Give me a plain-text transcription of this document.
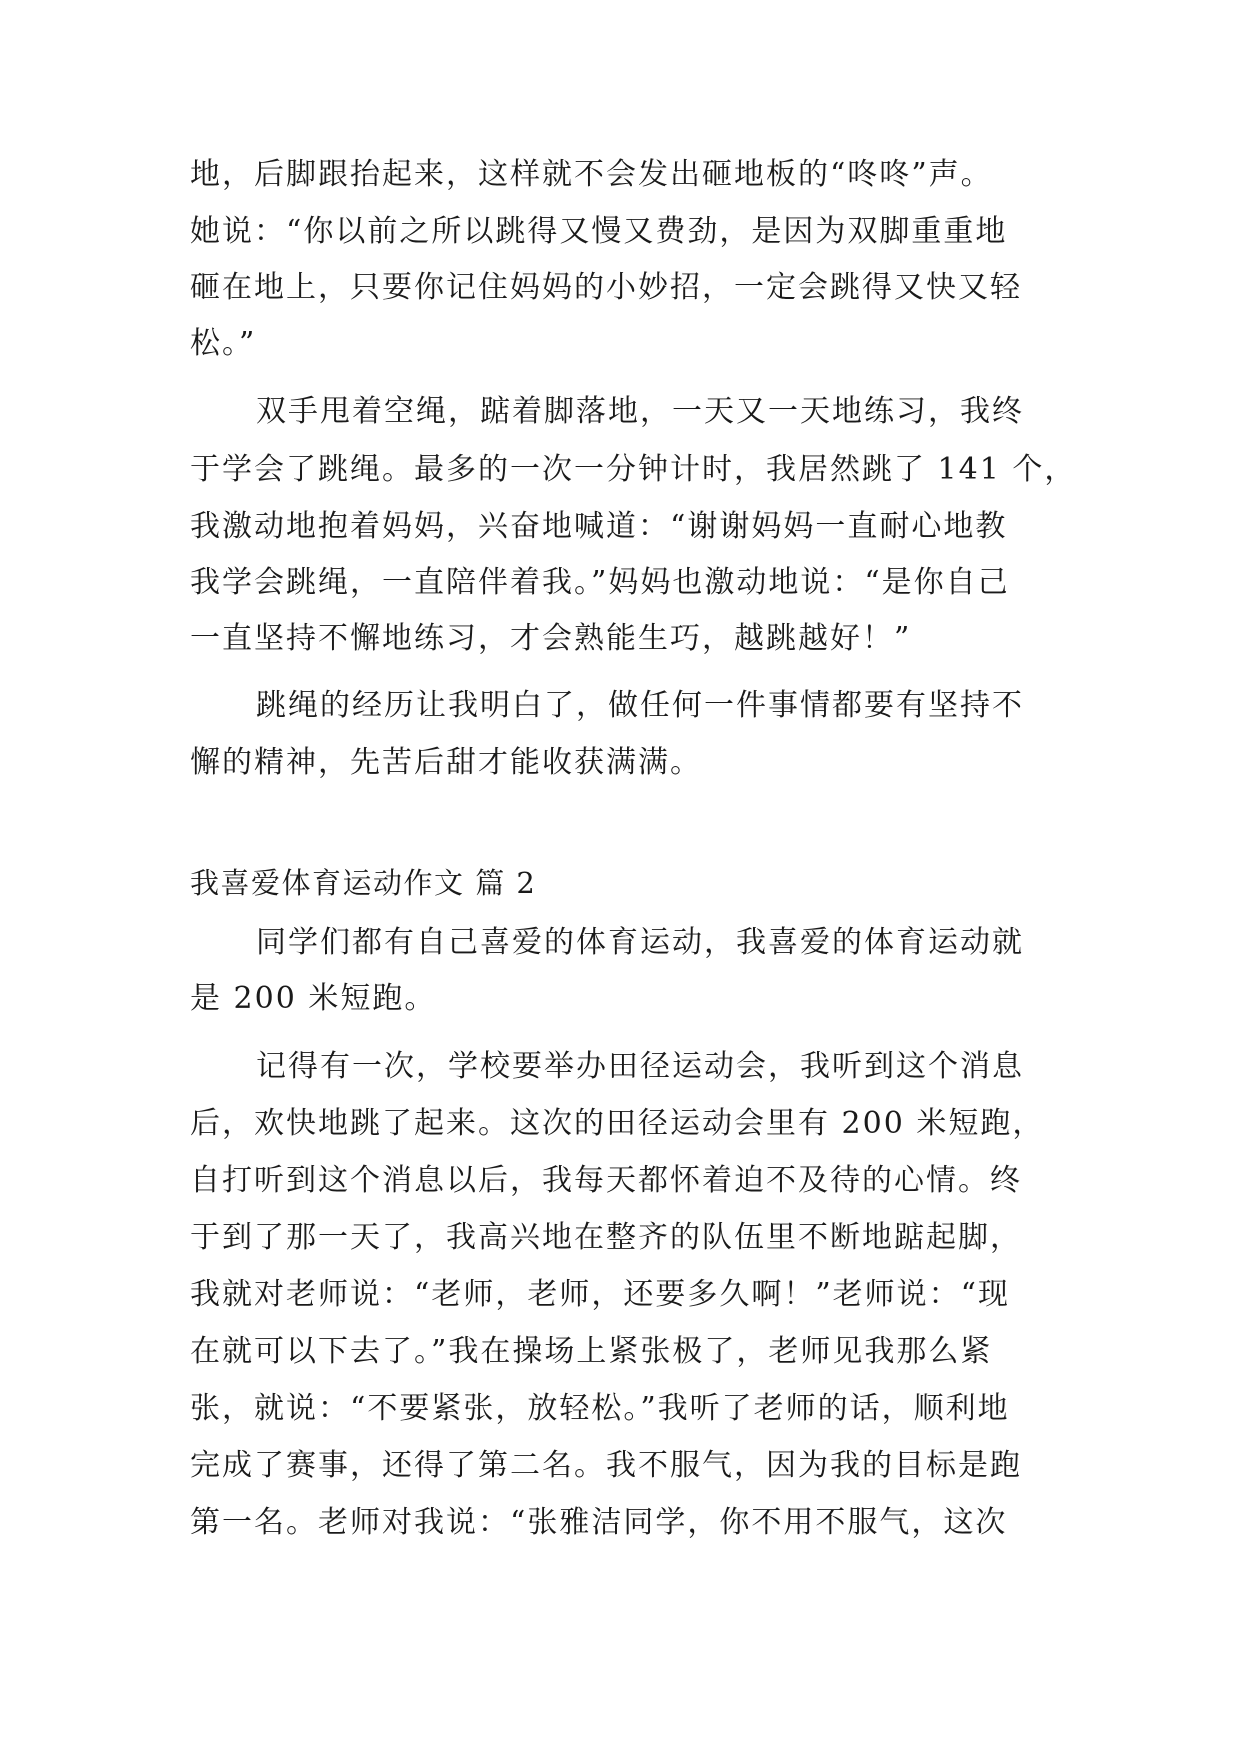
地，后脚跟抬起来，这样就不会发出砸地板的“咚咚”声。
她说：“你以前之所以跳得又慢又费劲，是因为双脚重重地
砸在地上，只要你记住妈妈的小妙招，一定会跳得又快又轻
松。”
双手甩着空绳，踮着脚落地，一天又一天地练习，我终
于学会了跳绳。最多的一次一分钟计时，我居然跳了 141 个，
我激动地抱着妈妈，兴奋地喊道：“谢谢妈妈一直耐心地教
我学会跳绳，一直陪伴着我。”妈妈也激动地说：“是你自己
一直坚持不懈地练习，才会熟能生巧，越跳越好！”
跳绳的经历让我明白了，做任何一件事情都要有坚持不
懈的精神，先苦后甜才能收获满满。
我喜爱体育运动作文 篇 2
同学们都有自己喜爱的体育运动，我喜爱的体育运动就
是 200 米短跑。
记得有一次，学校要举办田径运动会，我听到这个消息
后，欢快地跳了起来。这次的田径运动会里有 200 米短跑，
自打听到这个消息以后，我每天都怀着迫不及待的心情。终
于到了那一天了，我高兴地在整齐的队伍里不断地踮起脚，
我就对老师说：“老师，老师，还要多久啊！”老师说：“现
在就可以下去了。”我在操场上紧张极了，老师见我那么紧
张，就说：“不要紧张，放轻松。”我听了老师的话，顺利地
完成了赛事，还得了第二名。我不服气，因为我的目标是跑
第一名。老师对我说：“张雅洁同学，你不用不服气，这次
